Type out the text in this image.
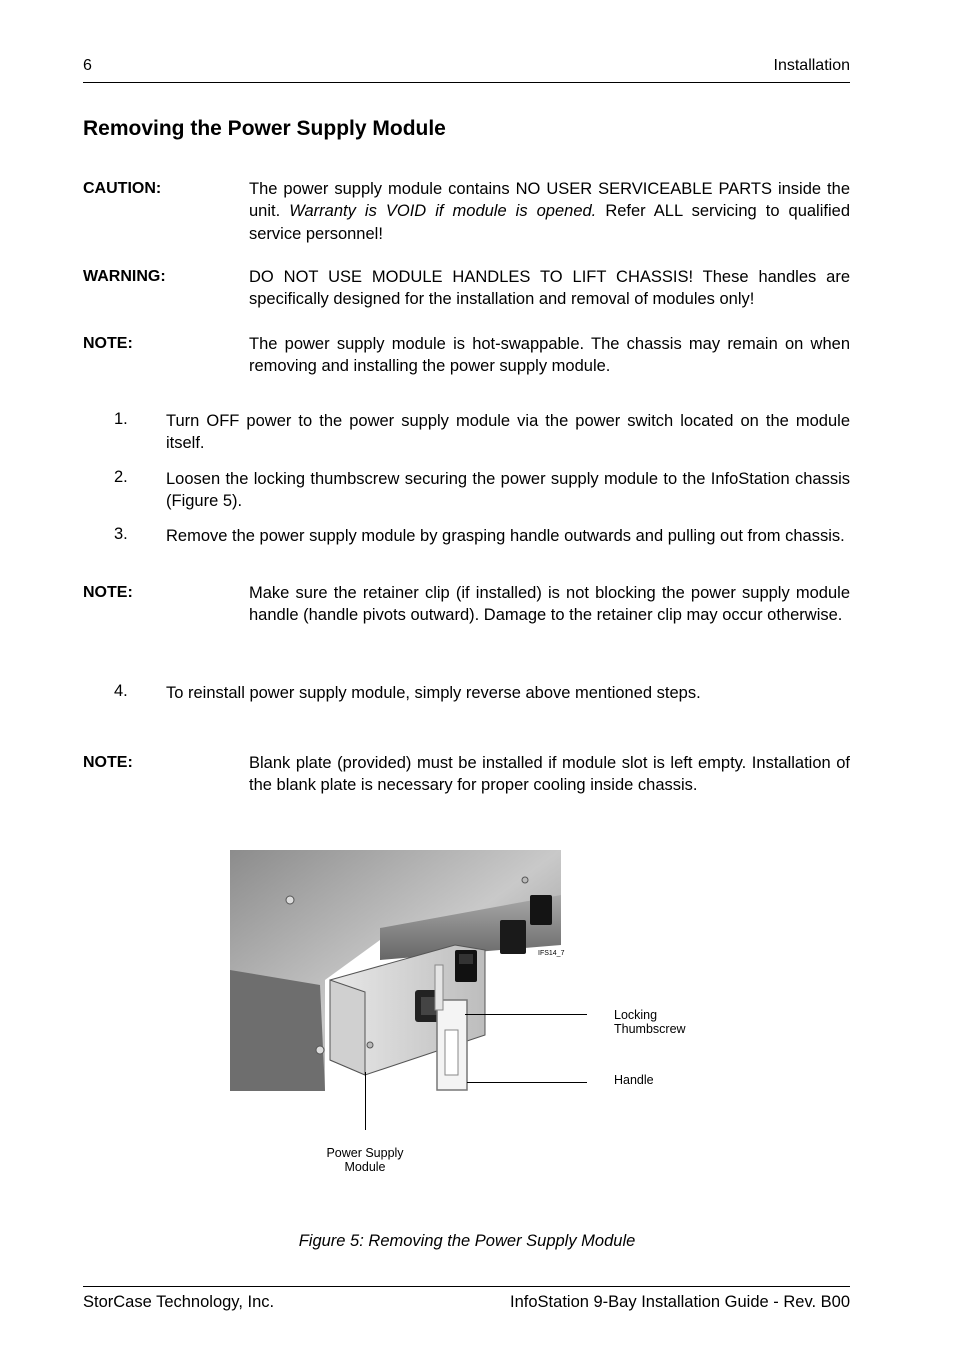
6	Installation
Removing the Power Supply Module
CAUTION:	The power supply module contains NO USER SERVICEABLE PARTS inside the unit. Warranty is VOID if module is opened. Refer ALL servicing to qualified service personnel!
WARNING:	DO NOT USE MODULE HANDLES TO LIFT CHASSIS! These handles are specifically designed for the installation and removal of modules only!
NOTE:	The power supply module is hot-swappable. The chassis may remain on when removing and installing the power supply module.
1. Turn OFF power to the power supply module via the power switch located on the module itself.
2. Loosen the locking thumbscrew securing the power supply module to the InfoStation chassis (Figure 5).
3. Remove the power supply module by grasping handle outwards and pulling out from chassis.
NOTE:	Make sure the retainer clip (if installed) is not blocking the power supply module handle (handle pivots outward). Damage to the retainer clip may occur otherwise.
4. To reinstall power supply module, simply reverse above mentioned steps.
NOTE:	Blank plate (provided) must be installed if module slot is left empty. Installation of the blank plate is necessary for proper cooling inside chassis.
IFS14_7
Locking
Thumbscrew
Handle
Power Supply
Module
Figure 5: Removing the Power Supply Module
StorCase Technology, Inc.	InfoStation 9-Bay Installation Guide - Rev. B00
